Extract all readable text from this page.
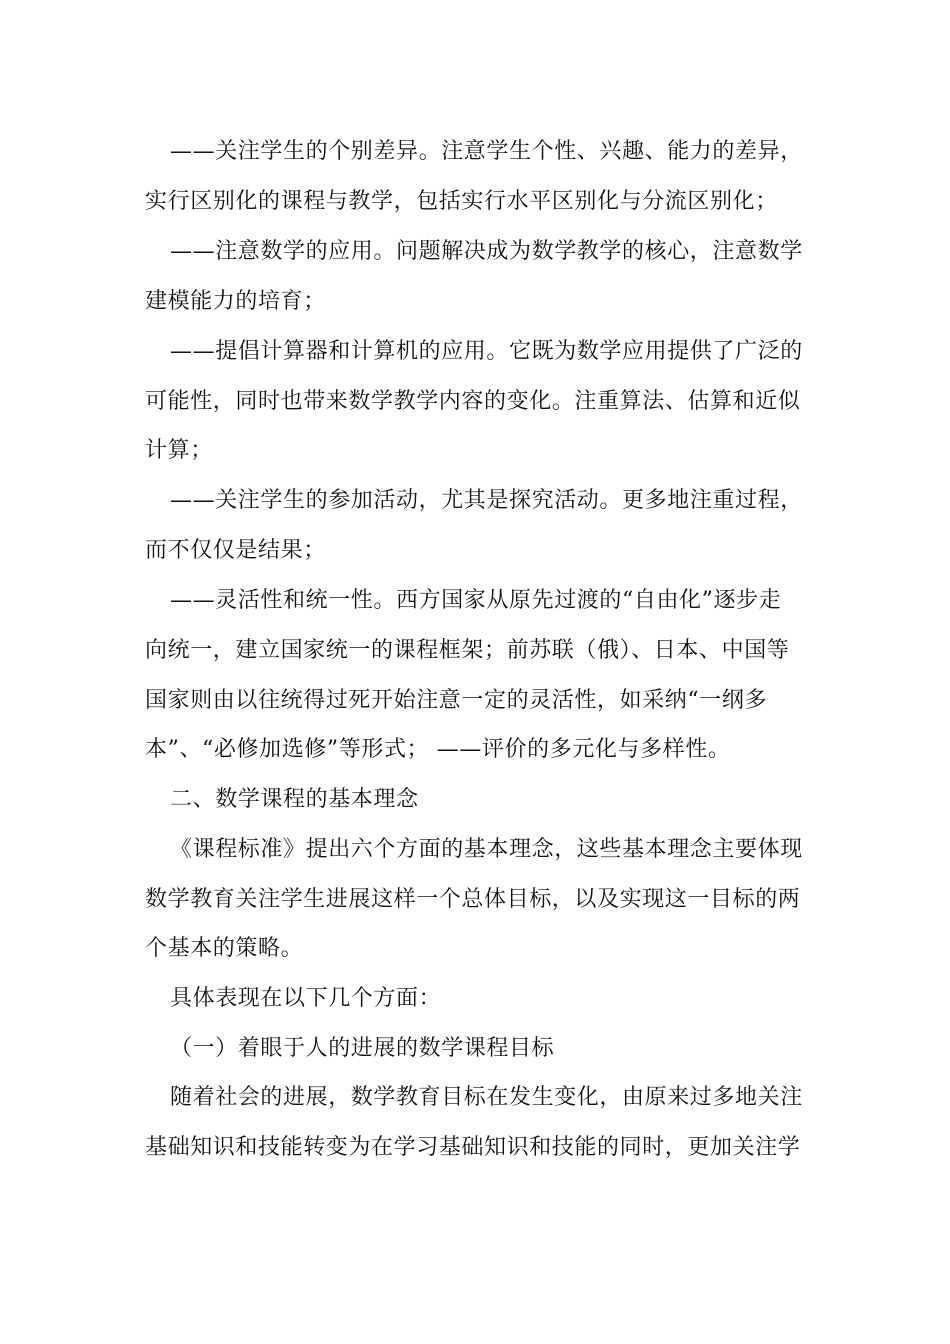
——关注学生的个别差异。注意学生个性、兴趣、能力的差异，
实行区别化的课程与教学，包括实行水平区别化与分流区别化；
——注意数学的应用。问题解决成为数学教学的核心，注意数学
建模能力的培育；
——提倡计算器和计算机的应用。它既为数学应用提供了广泛的
可能性，同时也带来数学教学内容的变化。注重算法、估算和近似
计算；
——关注学生的参加活动，尤其是探究活动。更多地注重过程，
而不仅仅是结果；
——灵活性和统一性。西方国家从原先过渡的“自由化”逐步走
向统一，建立国家统一的课程框架；前苏联（俄）、日本、中国等
国家则由以往统得过死开始注意一定的灵活性，如采纳“一纲多
本”、“必修加选修”等形式； ——评价的多元化与多样性。
二、数学课程的基本理念
《课程标准》提出六个方面的基本理念，这些基本理念主要体现
数学教育关注学生进展这样一个总体目标，以及实现这一目标的两
个基本的策略。
具体表现在以下几个方面：
（一）着眼于人的进展的数学课程目标
随着社会的进展，数学教育目标在发生变化，由原来过多地关注
基础知识和技能转变为在学习基础知识和技能的同时，更加关注学
